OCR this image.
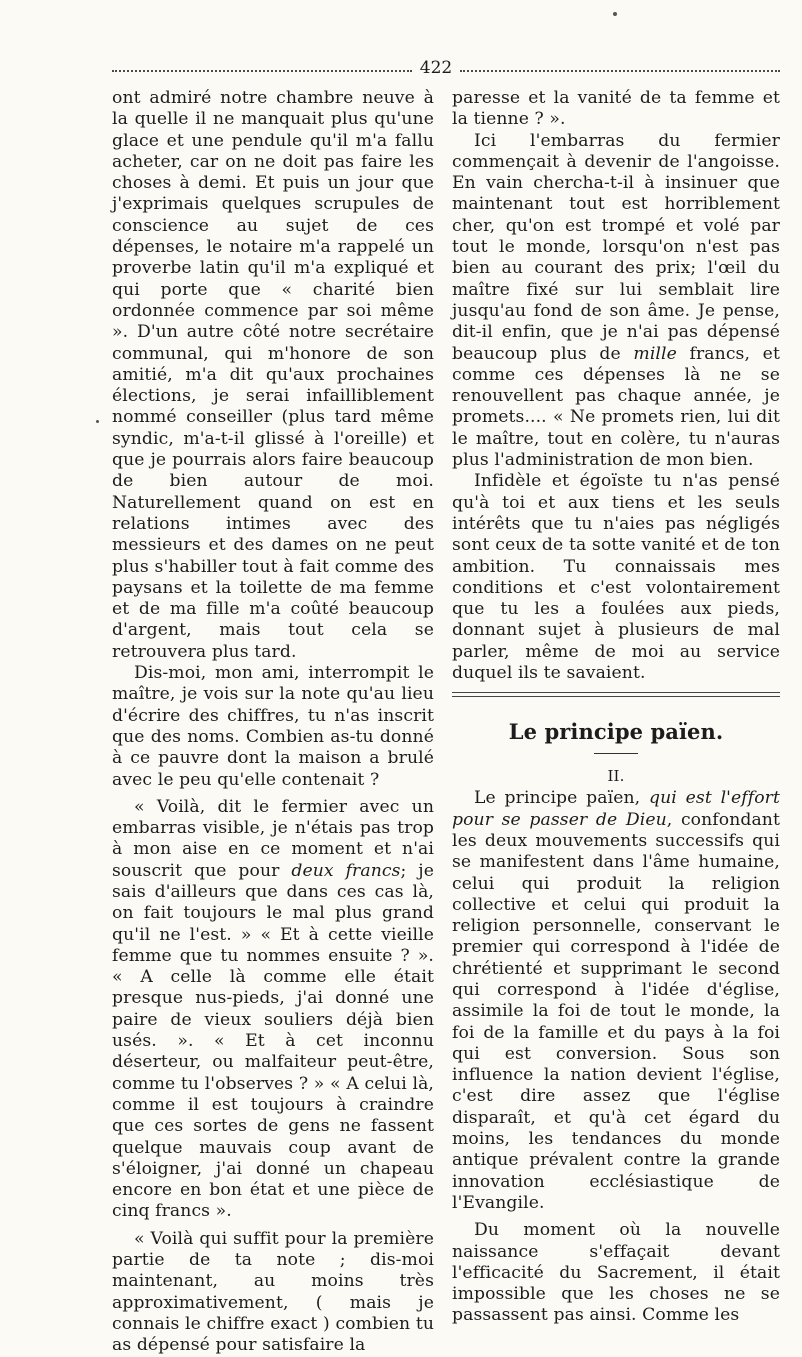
422

ont admiré notre chambre neuve à la quelle il ne manquait plus qu'une glace et une pendule qu'il m'a fallu acheter, car on ne doit pas faire les choses à demi. Et puis un jour que j'exprimais quelques scrupules de conscience au sujet de ces dépenses, le notaire m'a rappelé un proverbe latin qu'il m'a expliqué et qui porte que « charité bien ordonnée commence par soi même ». D'un autre côté notre secrétaire communal, qui m'honore de son amitié, m'a dit qu'aux prochaines élections, je serai infailliblement nommé conseiller (plus tard même syndic, m'a-t-il glissé à l'oreille) et que je pourrais alors faire beaucoup de bien autour de moi. Naturellement quand on est en relations intimes avec des messieurs et des dames on ne peut plus s'habiller tout à fait comme des paysans et la toilette de ma femme et de ma fille m'a coûté beaucoup d'argent, mais tout cela se retrouvera plus tard.

Dis-moi, mon ami, interrompit le maître, je vois sur la note qu'au lieu d'écrire des chiffres, tu n'as inscrit que des noms. Combien as-tu donné à ce pauvre dont la maison a brulé avec le peu qu'elle contenait ?

« Voilà, dit le fermier avec un embarras visible, je n'étais pas trop à mon aise en ce moment et n'ai souscrit que pour deux francs; je sais d'ailleurs que dans ces cas là, on fait toujours le mal plus grand qu'il ne l'est. » « Et à cette vieille femme que tu nommes ensuite ? ». « A celle là comme elle était presque nus-pieds, j'ai donné une paire de vieux souliers déjà bien usés. ». « Et à cet inconnu déserteur, ou malfaiteur peut-être, comme tu l'observes ? » « A celui là, comme il est toujours à craindre que ces sortes de gens ne fassent quelque mauvais coup avant de s'éloigner, j'ai donné un chapeau encore en bon état et une pièce de cinq francs ».

« Voilà qui suffit pour la première partie de ta note ; dis-moi maintenant, au moins très approximativement, ( mais je connais le chiffre exact ) combien tu as dépensé pour satisfaire la

paresse et la vanité de ta femme et la tienne ? ».

Ici l'embarras du fermier commençait à devenir de l'angoisse. En vain chercha-t-il à insinuer que maintenant tout est horriblement cher, qu'on est trompé et volé par tout le monde, lorsqu'on n'est pas bien au courant des prix; l'œil du maître fixé sur lui semblait lire jusqu'au fond de son âme. Je pense, dit-il enfin, que je n'ai pas dépensé beaucoup plus de mille francs, et comme ces dépenses là ne se renouvellent pas chaque année, je promets.... « Ne promets rien, lui dit le maître, tout en colère, tu n'auras plus l'administration de mon bien.

Infidèle et égoïste tu n'as pensé qu'à toi et aux tiens et les seuls intérêts que tu n'aies pas négligés sont ceux de ta sotte vanité et de ton ambition. Tu connaissais mes conditions et c'est volontairement que tu les a foulées aux pieds, donnant sujet à plusieurs de mal parler, même de moi au service duquel ils te savaient.

Le principe païen.
II.

Le principe païen, qui est l'effort pour se passer de Dieu, confondant les deux mouvements successifs qui se manifestent dans l'âme humaine, celui qui produit la religion collective et celui qui produit la religion personnelle, conservant le premier qui correspond à l'idée de chrétienté et supprimant le second qui correspond à l'idée d'église, assimile la foi de tout le monde, la foi de la famille et du pays à la foi qui est conversion. Sous son influence la nation devient l'église, c'est dire assez que l'église disparaît, et qu'à cet égard du moins, les tendances du monde antique prévalent contre la grande innovation ecclésiastique de l'Evangile.

Du moment où la nouvelle naissance s'effaçait devant l'efficacité du Sacrement, il était impossible que les choses ne se passassent pas ainsi. Comme les
